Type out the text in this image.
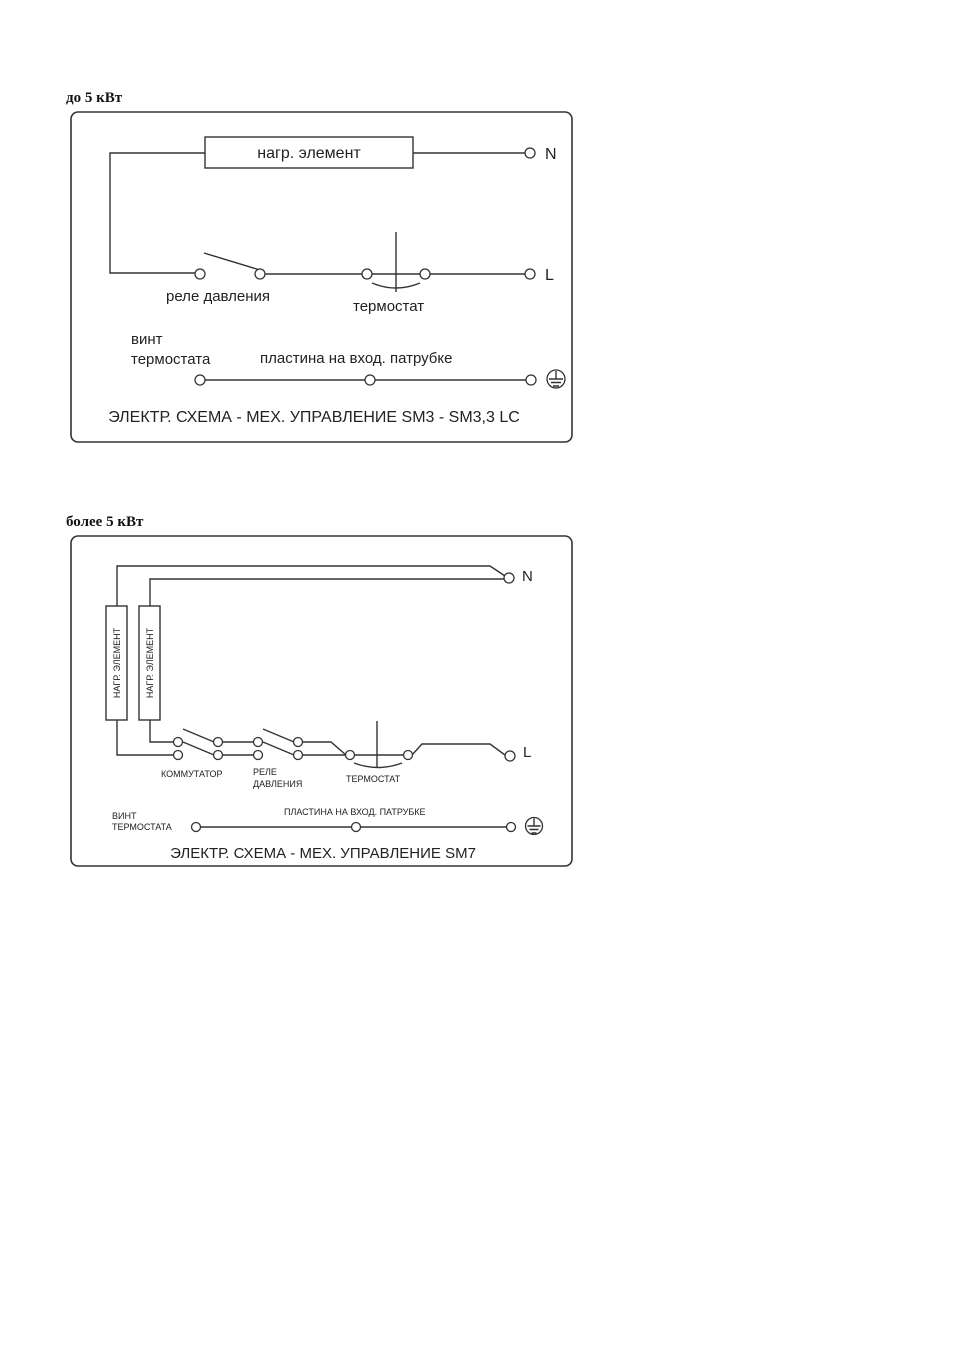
до 5 кВт
более 5 кВт
нагр. элемент	N
L
реле давления
термостат
винт
термостата	пластина на вход. патрубке
ЭЛЕКТР. СХЕМА - МЕХ. УПРАВЛЕНИЕ SM3 - SM3,3 LC
N
НАГР. ЭЛЕМЕНТ	НАГР. ЭЛЕМЕНТ
L
КОММУТАТОР	РЕЛЕ
ДАВЛЕНИЯ	ТЕРМОСТАТ
ВИНТ
ТЕРМОСТАТА
ПЛАСТИНА НА ВХОД. ПАТРУБКЕ
ЭЛЕКТР. СХЕМА - МЕХ. УПРАВЛЕНИЕ SM7
